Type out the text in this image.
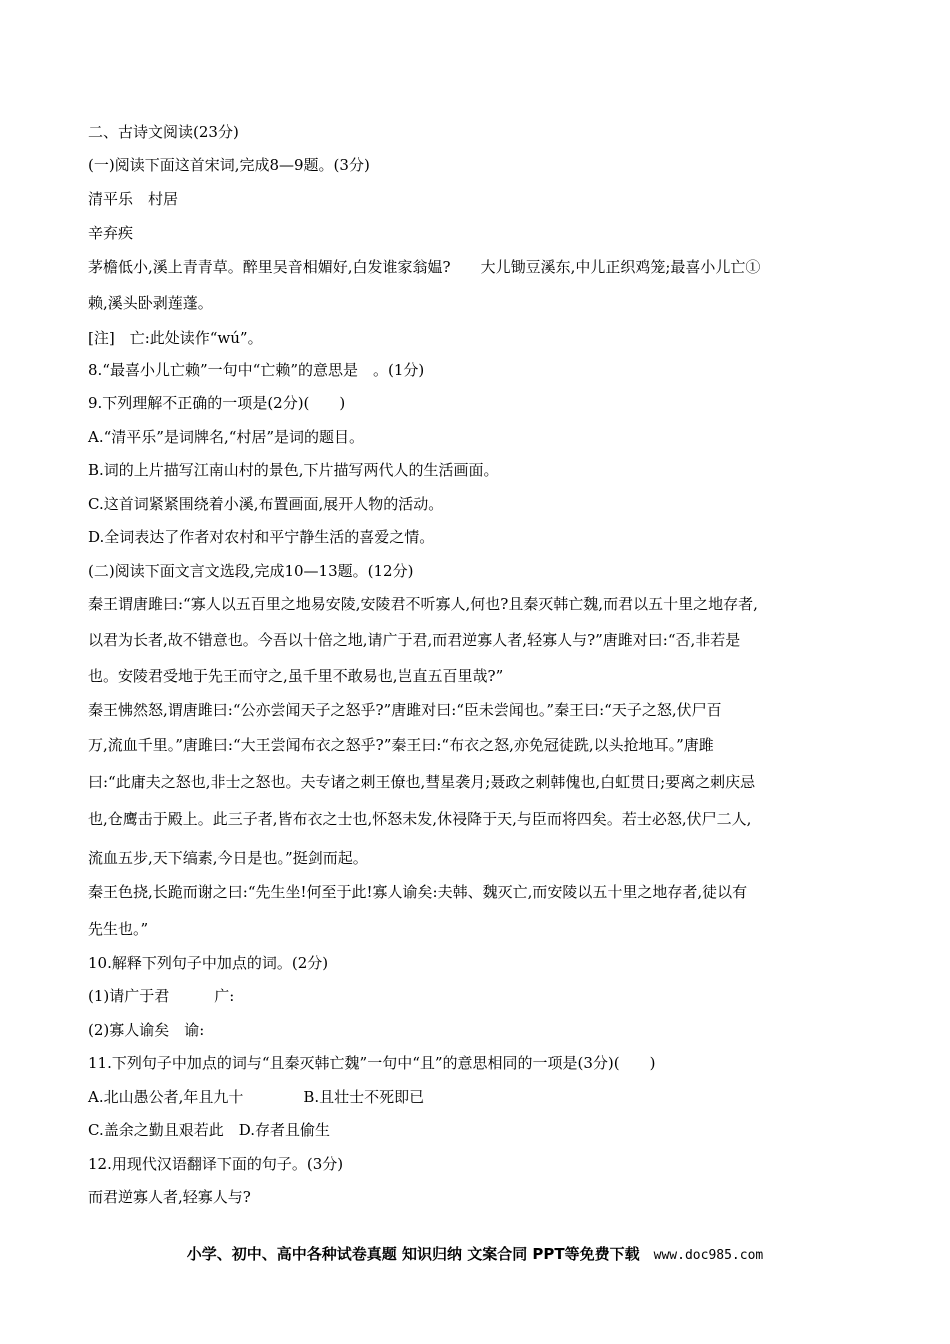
二、古诗文阅读(23分)
(一)阅读下面这首宋词,完成8—9题。(3分)
清平乐　村居
辛弃疾
茅檐低小,溪上青青草。醉里吴音相媚好,白发谁家翁媪?　　大儿锄豆溪东,中儿正织鸡笼;最喜小儿亡①
赖,溪头卧剥莲蓬。
[注]　亡:此处读作“wú”。
8.“最喜小儿亡赖”一句中“亡赖”的意思是　。(1分)
9.下列理解不正确的一项是(2分)(　　)
A.“清平乐”是词牌名,“村居”是词的题目。
B.词的上片描写江南山村的景色,下片描写两代人的生活画面。
C.这首词紧紧围绕着小溪,布置画面,展开人物的活动。
D.全词表达了作者对农村和平宁静生活的喜爱之情。
(二)阅读下面文言文选段,完成10—13题。(12分)
秦王谓唐雎曰:“寡人以五百里之地易安陵,安陵君不听寡人,何也?且秦灭韩亡魏,而君以五十里之地存者,
以君为长者,故不错意也。今吾以十倍之地,请广于君,而君逆寡人者,轻寡人与?”唐雎对曰:“否,非若是
也。安陵君受地于先王而守之,虽千里不敢易也,岂直五百里哉?”
秦王怫然怒,谓唐雎曰:“公亦尝闻天子之怒乎?”唐雎对曰:“臣未尝闻也。”秦王曰:“天子之怒,伏尸百
万,流血千里。”唐雎曰:“大王尝闻布衣之怒乎?”秦王曰:“布衣之怒,亦免冠徒跣,以头抢地耳。”唐雎
曰:“此庸夫之怒也,非士之怒也。夫专诸之刺王僚也,彗星袭月;聂政之刺韩傀也,白虹贯日;要离之刺庆忌
也,仓鹰击于殿上。此三子者,皆布衣之士也,怀怒未发,休祲降于天,与臣而将四矣。若士必怒,伏尸二人,
流血五步,天下缟素,今日是也。”挺剑而起。
秦王色挠,长跪而谢之曰:“先生坐!何至于此!寡人谕矣:夫韩、魏灭亡,而安陵以五十里之地存者,徒以有
先生也。”
10.解释下列句子中加点的词。(2分)
(1)请广于君　　　广:
(2)寡人谕矣　谕:
11.下列句子中加点的词与“且秦灭韩亡魏”一句中“且”的意思相同的一项是(3分)(　　)
A.北山愚公者,年且九十　　　　B.且壮士不死即已
C.盖余之勤且艰若此　D.存者且偷生
12.用现代汉语翻译下面的句子。(3分)
而君逆寡人者,轻寡人与?
小学、初中、高中各种试卷真题 知识归纳 文案合同 PPT等免费下载 www.doc985.com
